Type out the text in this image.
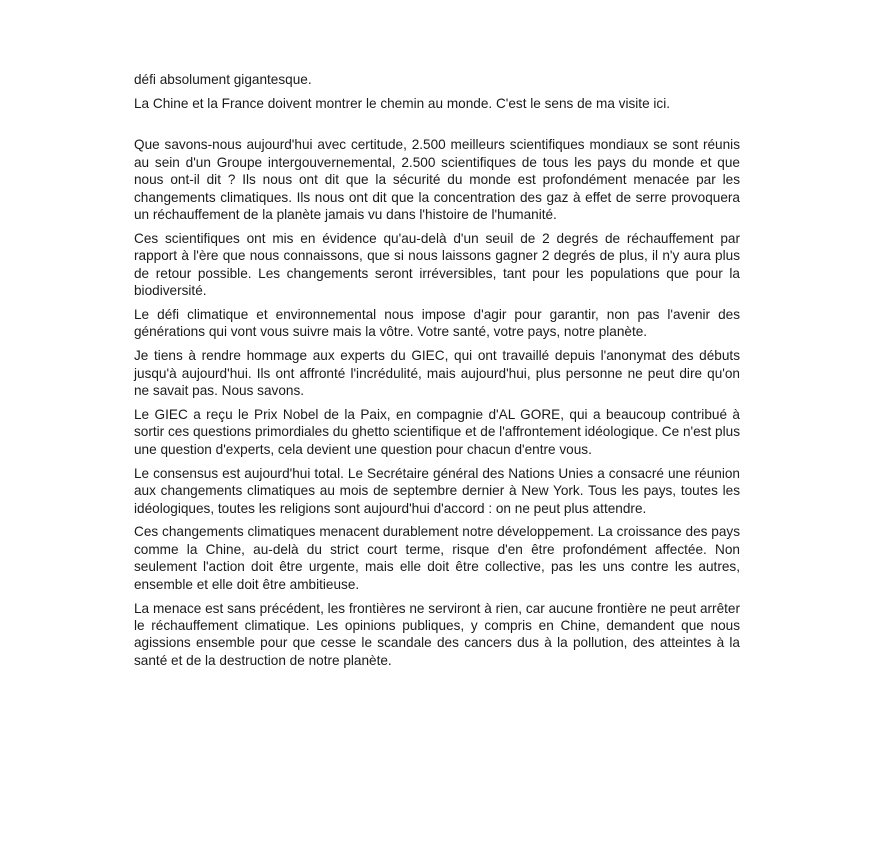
défi absolument gigantesque.

La Chine et la France doivent montrer le chemin au monde. C'est le sens de ma visite ici.

Que savons-nous aujourd'hui avec certitude, 2.500 meilleurs scientifiques mondiaux se sont réunis au sein d'un Groupe intergouvernemental, 2.500 scientifiques de tous les pays du monde et que nous ont-il dit ? Ils nous ont dit que la sécurité du monde est profondément menacée par les changements climatiques. Ils nous ont dit que la concentration des gaz à effet de serre provoquera un réchauffement de la planète jamais vu dans l'histoire de l'humanité.

Ces scientifiques ont mis en évidence qu'au-delà d'un seuil de 2 degrés de réchauffement par rapport à l'ère que nous connaissons, que si nous laissons gagner 2 degrés de plus, il n'y aura plus de retour possible. Les changements seront irréversibles, tant pour les populations que pour la biodiversité.

Le défi climatique et environnemental nous impose d'agir pour garantir, non pas l'avenir des générations qui vont vous suivre mais la vôtre. Votre santé, votre pays, notre planète.

Je tiens à rendre hommage aux experts du GIEC, qui ont travaillé depuis l'anonymat des débuts jusqu'à aujourd'hui. Ils ont affronté l'incrédulité, mais aujourd'hui, plus personne ne peut dire qu'on ne savait pas. Nous savons.

Le GIEC a reçu le Prix Nobel de la Paix, en compagnie d'AL GORE, qui a beaucoup contribué à sortir ces questions primordiales du ghetto scientifique et de l'affrontement idéologique. Ce n'est plus une question d'experts, cela devient une question pour chacun d'entre vous.

Le consensus est aujourd'hui total. Le Secrétaire général des Nations Unies a consacré une réunion aux changements climatiques au mois de septembre dernier à New York. Tous les pays, toutes les idéologiques, toutes les religions sont aujourd'hui d'accord : on ne peut plus attendre.

Ces changements climatiques menacent durablement notre développement. La croissance des pays comme la Chine, au-delà du strict court terme, risque d'en être profondément affectée. Non seulement l'action doit être urgente, mais elle doit être collective, pas les uns contre les autres, ensemble et elle doit être ambitieuse.

La menace est sans précédent, les frontières ne serviront à rien, car aucune frontière ne peut arrêter le réchauffement climatique. Les opinions publiques, y compris en Chine, demandent que nous agissions ensemble pour que cesse le scandale des cancers dus à la pollution, des atteintes à la santé et de la destruction de notre planète.
